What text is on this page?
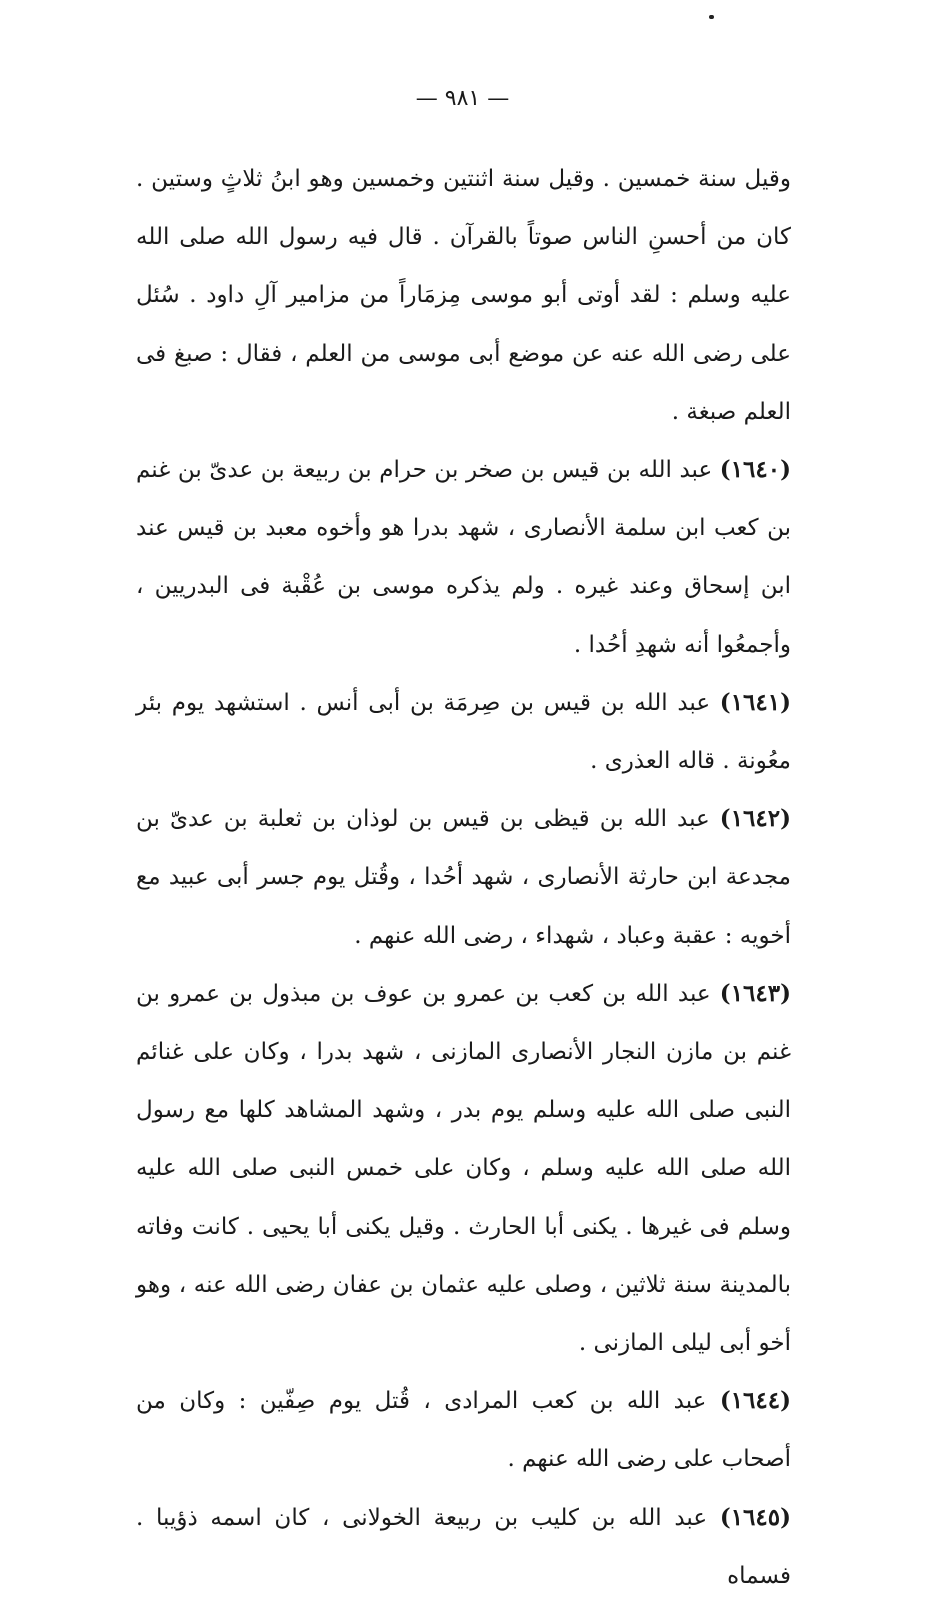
— ٩٨١ —

وقيل سنة خمسين . وقيل سنة اثنتين وخمسين وهو ابنُ ثلاثٍ وستين . كان من أحسنِ الناس صوتاً بالقرآن . قال فيه رسول الله صلى الله عليه وسلم : لقد أوتى أبو موسى مِزمَاراً من مزامير آلِ داود . سُئل على رضى الله عنه عن موضع أبى موسى من العلم ، فقال : صبغ فى العلم صبغة .

(١٦٤٠) عبد الله بن قيس بن صخر بن حرام بن ربيعة بن عدىّ بن غنم بن كعب ابن سلمة الأنصارى ، شهد بدرا هو وأخوه معبد بن قيس عند ابن إسحاق وعند غيره . ولم يذكره موسى بن عُقْبة فى البدريين ، وأجمعُوا أنه شهدِ أحُدا .

(١٦٤١) عبد الله بن قيس بن صِرمَة بن أبى أنس . استشهد يوم بئر معُونة . قاله العذرى .

(١٦٤٢) عبد الله بن قيظى بن قيس بن لوذان بن ثعلبة بن عدىّ بن مجدعة ابن حارثة الأنصارى ، شهد أحُدا ، وقُتل يوم جسر أبى عبيد مع أخويه : عقبة وعباد ، شهداء ، رضى الله عنهم .

(١٦٤٣) عبد الله بن كعب بن عمرو بن عوف بن مبذول بن عمرو بن غنم بن مازن النجار الأنصارى المازنى ، شهد بدرا ، وكان على غنائم النبى صلى الله عليه وسلم يوم بدر ، وشهد المشاهد كلها مع رسول الله صلى الله عليه وسلم ، وكان على خمس النبى صلى الله عليه وسلم فى غيرها . يكنى أبا الحارث . وقيل يكنى أبا يحيى . كانت وفاته بالمدينة سنة ثلاثين ، وصلى عليه عثمان بن عفان رضى الله عنه ، وهو أخو أبى ليلى المازنى .

(١٦٤٤) عبد الله بن كعب المرادى ، قُتل يوم صِفّين : وكان من أصحاب على رضى الله عنهم .

(١٦٤٥) عبد الله بن كليب بن ربيعة الخولانى ، كان اسمه ذؤيبا . فسماه
